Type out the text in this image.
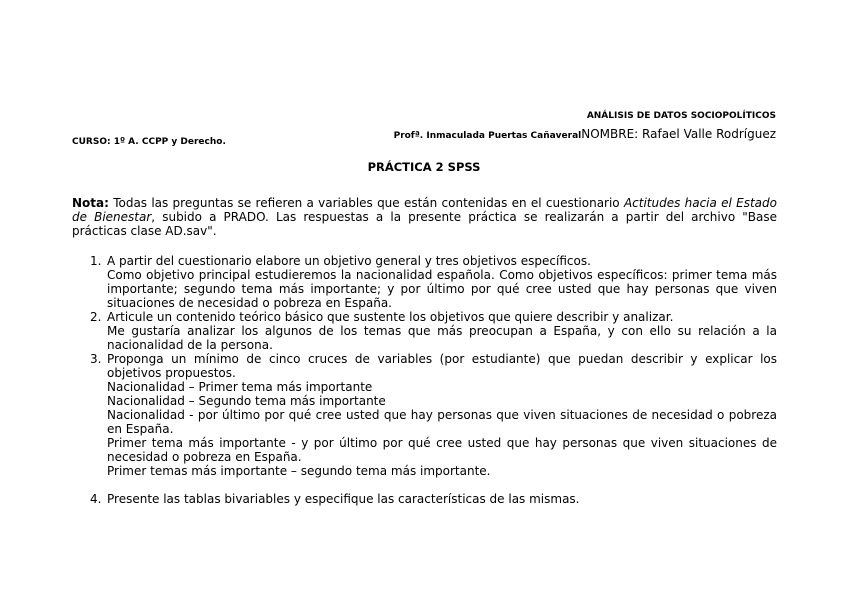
ANÁLISIS DE DATOS SOCIOPOLÍTICOS
Profª. Inmaculada Puertas CañaveralNOMBRE: Rafael Valle Rodríguez
CURSO: 1º A. CCPP y Derecho.
PRÁCTICA 2 SPSS
Nota: Todas las preguntas se refieren a variables que están contenidas en el cuestionario Actitudes hacia el Estado de Bienestar, subido a PRADO. Las respuestas a la presente práctica se realizarán a partir del archivo "Base prácticas clase AD.sav".
1. A partir del cuestionario elabore un objetivo general y tres objetivos específicos.
Como objetivo principal estudieremos la nacionalidad española. Como objetivos específicos: primer tema más importante; segundo tema más importante; y por último por qué cree usted que hay personas que viven situaciones de necesidad o pobreza en España.
2. Articule un contenido teórico básico que sustente los objetivos que quiere describir y analizar.
Me gustaría analizar los algunos de los temas que más preocupan a España, y con ello su relación a la nacionalidad de la persona.
3. Proponga un mínimo de cinco cruces de variables (por estudiante) que puedan describir y explicar los objetivos propuestos.
Nacionalidad – Primer tema más importante
Nacionalidad – Segundo tema más importante
Nacionalidad - por último por qué cree usted que hay personas que viven situaciones de necesidad o pobreza en España.
Primer tema más importante - y por último por qué cree usted que hay personas que viven situaciones de necesidad o pobreza en España.
Primer temas más importante – segundo tema más importante.
4. Presente las tablas bivariables y especifique las características de las mismas.
